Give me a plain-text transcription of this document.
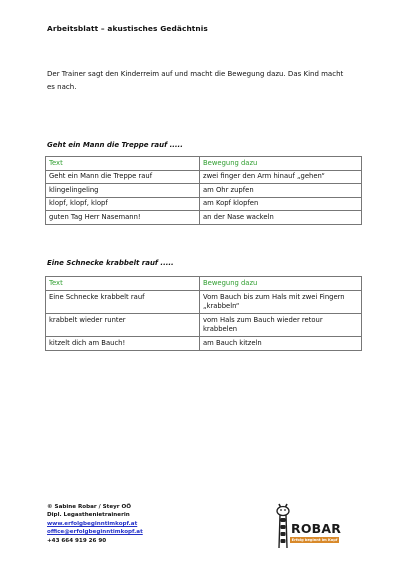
Arbeitsblatt – akustisches Gedächtnis
Der Trainer sagt den Kinderreim auf und macht die Bewegung dazu. Das Kind macht es nach.
Geht ein Mann die Treppe rauf .....
Text	Bewegung dazu
Geht ein Mann die Treppe rauf	zwei finger den Arm hinauf „gehen“
klingelingeling	am Ohr zupfen
klopf, klopf, klopf	am Kopf klopfen
guten Tag Herr Nasemann!	an der Nase wackeln
Eine Schnecke krabbelt rauf .....
Text	Bewegung dazu
Eine Schnecke krabbelt rauf	Vom Bauch bis zum Hals mit zwei Fingern „krabbeln“
krabbelt wieder runter	vom Hals zum Bauch wieder retour krabbelen
kitzelt dich am Bauch!	am Bauch kitzeln
© Sabine Robar / Steyr OÖ
Dipl. Legasthenietrainerin
www.erfolgbeginntimkopf.at
office@erfolgbeginntimkopf.at
+43 664 919 26 90
ROBAR
Erfolg beginnt im Kopf
